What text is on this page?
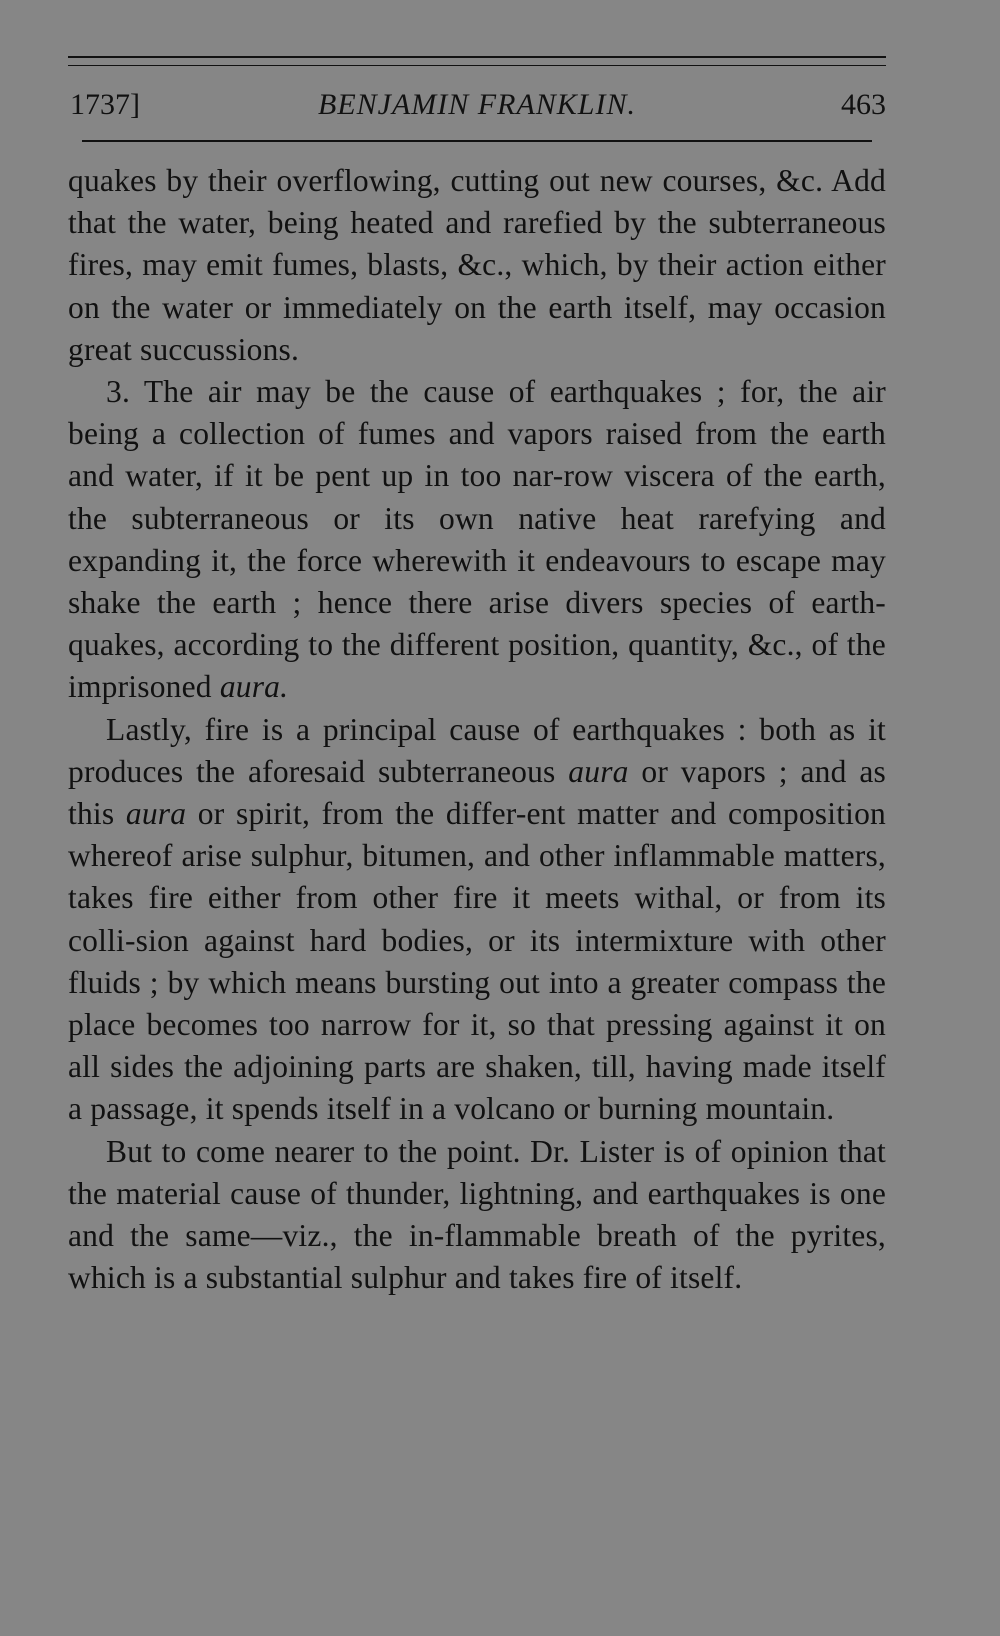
1737]	BENJAMIN FRANKLIN.	463

quakes by their overflowing, cutting out new courses, &c. Add that the water, being heated and rarefied by the subterraneous fires, may emit fumes, blasts, &c., which, by their action either on the water or immediately on the earth itself, may occasion great succussions.

3. The air may be the cause of earthquakes ; for, the air being a collection of fumes and vapors raised from the earth and water, if it be pent up in too nar-row viscera of the earth, the subterraneous or its own native heat rarefying and expanding it, the force wherewith it endeavours to escape may shake the earth ; hence there arise divers species of earth-quakes, according to the different position, quantity, &c., of the imprisoned aura.

Lastly, fire is a principal cause of earthquakes : both as it produces the aforesaid subterraneous aura or vapors ; and as this aura or spirit, from the differ-ent matter and composition whereof arise sulphur, bitumen, and other inflammable matters, takes fire either from other fire it meets withal, or from its colli-sion against hard bodies, or its intermixture with other fluids ; by which means bursting out into a greater compass the place becomes too narrow for it, so that pressing against it on all sides the adjoining parts are shaken, till, having made itself a passage, it spends itself in a volcano or burning mountain.

But to come nearer to the point. Dr. Lister is of opinion that the material cause of thunder, lightning, and earthquakes is one and the same—viz., the in-flammable breath of the pyrites, which is a substantial sulphur and takes fire of itself.
